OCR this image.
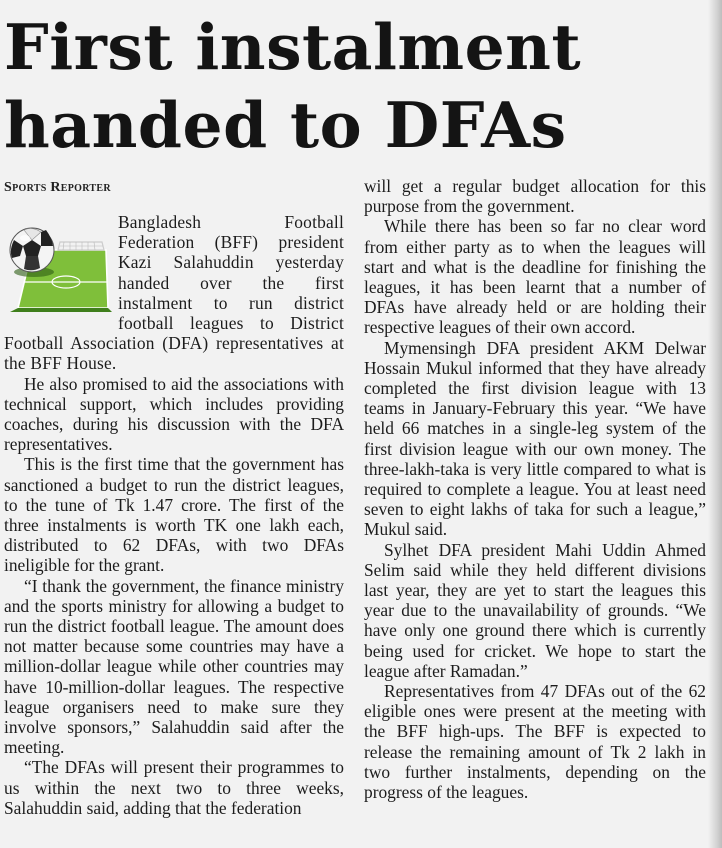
First instalment
handed to DFAs
Sports Reporter

Bangladesh Football Federation (BFF) president Kazi Salahuddin yesterday handed over the first instalment to run district football leagues to District Football Association (DFA) representatives at the BFF House.

He also promised to aid the associations with technical support, which includes providing coaches, during his discussion with the DFA representatives.

This is the first time that the government has sanctioned a budget to run the district leagues, to the tune of Tk 1.47 crore. The first of the three instalments is worth TK one lakh each, distributed to 62 DFAs, with two DFAs ineligible for the grant.

“I thank the government, the finance ministry and the sports ministry for allowing a budget to run the district football league. The amount does not matter because some countries may have a million-dollar league while other countries may have 10-million-dollar leagues. The respective league organisers need to make sure they involve sponsors,” Salahuddin said after the meeting.

“The DFAs will present their programmes to us within the next two to three weeks, Salahuddin said, adding that the federation

will get a regular budget allocation for this purpose from the government.

While there has been so far no clear word from either party as to when the leagues will start and what is the deadline for finishing the leagues, it has been learnt that a number of DFAs have already held or are holding their respective leagues of their own accord.

Mymensingh DFA president AKM Delwar Hossain Mukul informed that they have already completed the first division league with 13 teams in January-February this year. “We have held 66 matches in a single-leg system of the first division league with our own money. The three-lakh-taka is very little compared to what is required to complete a league. You at least need seven to eight lakhs of taka for such a league,” Mukul said.

Sylhet DFA president Mahi Uddin Ahmed Selim said while they held different divisions last year, they are yet to start the leagues this year due to the unavailability of grounds. “We have only one ground there which is currently being used for cricket. We hope to start the league after Ramadan.”

Representatives from 47 DFAs out of the 62 eligible ones were present at the meeting with the BFF high-ups. The BFF is expected to release the remaining amount of Tk 2 lakh in two further instalments, depending on the progress of the leagues.
